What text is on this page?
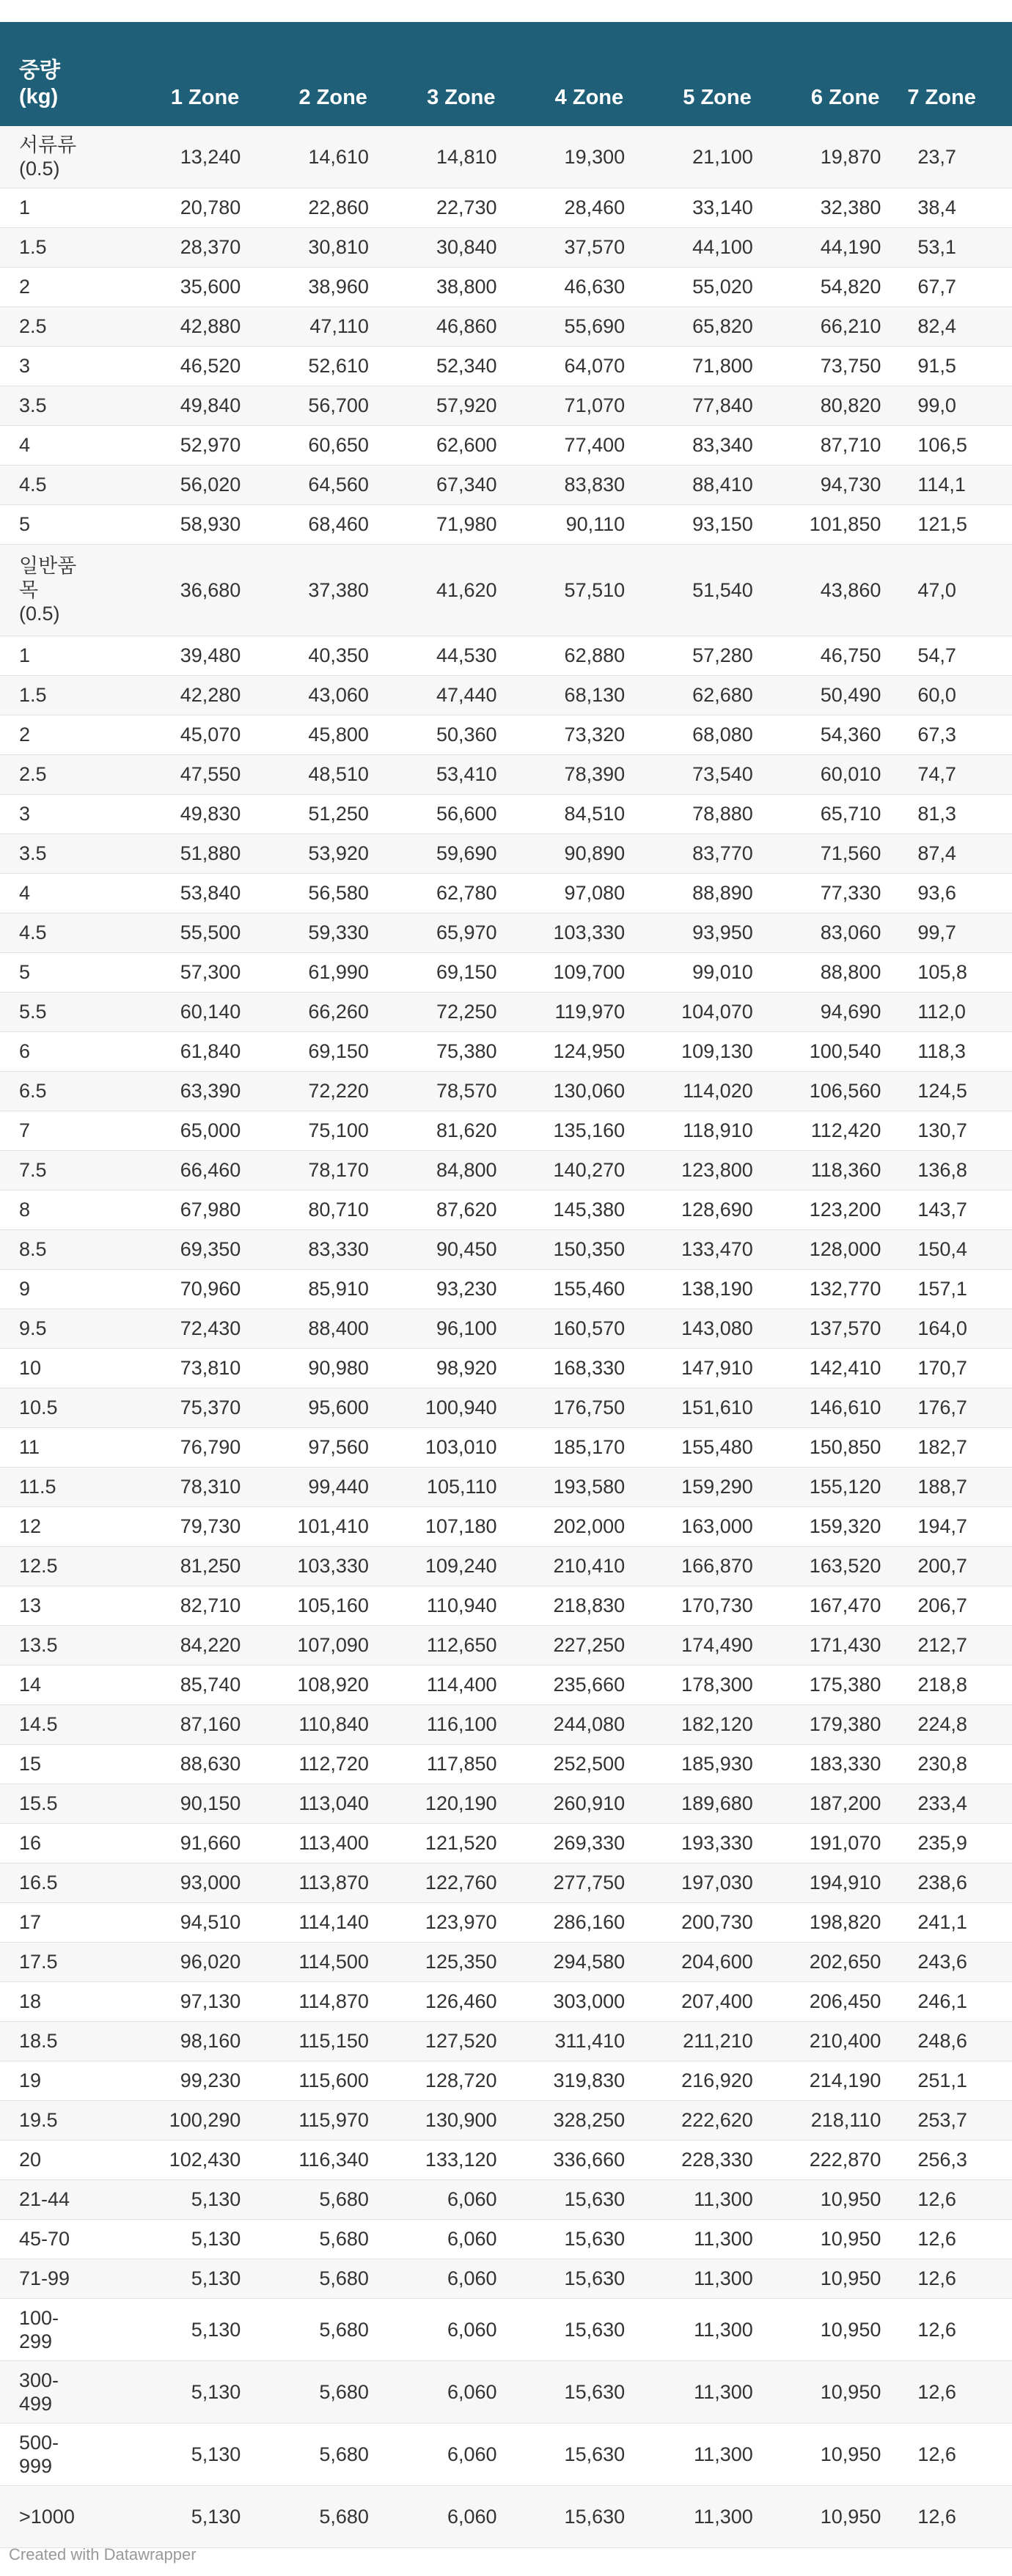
중량
(kg)	1 Zone	2 Zone	3 Zone	4 Zone	5 Zone	6 Zone	7 Zone
서류류
(0.5)	13,240	14,610	14,810	19,300	21,100	19,870	23,7
1	20,780	22,860	22,730	28,460	33,140	32,380	38,4
1.5	28,370	30,810	30,840	37,570	44,100	44,190	53,1
2	35,600	38,960	38,800	46,630	55,020	54,820	67,7
2.5	42,880	47,110	46,860	55,690	65,820	66,210	82,4
3	46,520	52,610	52,340	64,070	71,800	73,750	91,5
3.5	49,840	56,700	57,920	71,070	77,840	80,820	99,0
4	52,970	60,650	62,600	77,400	83,340	87,710	106,5
4.5	56,020	64,560	67,340	83,830	88,410	94,730	114,1
5	58,930	68,460	71,980	90,110	93,150	101,850	121,5
일반품
목
(0.5)	36,680	37,380	41,620	57,510	51,540	43,860	47,0
1	39,480	40,350	44,530	62,880	57,280	46,750	54,7
1.5	42,280	43,060	47,440	68,130	62,680	50,490	60,0
2	45,070	45,800	50,360	73,320	68,080	54,360	67,3
2.5	47,550	48,510	53,410	78,390	73,540	60,010	74,7
3	49,830	51,250	56,600	84,510	78,880	65,710	81,3
3.5	51,880	53,920	59,690	90,890	83,770	71,560	87,4
4	53,840	56,580	62,780	97,080	88,890	77,330	93,6
4.5	55,500	59,330	65,970	103,330	93,950	83,060	99,7
5	57,300	61,990	69,150	109,700	99,010	88,800	105,8
5.5	60,140	66,260	72,250	119,970	104,070	94,690	112,0
6	61,840	69,150	75,380	124,950	109,130	100,540	118,3
6.5	63,390	72,220	78,570	130,060	114,020	106,560	124,5
7	65,000	75,100	81,620	135,160	118,910	112,420	130,7
7.5	66,460	78,170	84,800	140,270	123,800	118,360	136,8
8	67,980	80,710	87,620	145,380	128,690	123,200	143,7
8.5	69,350	83,330	90,450	150,350	133,470	128,000	150,4
9	70,960	85,910	93,230	155,460	138,190	132,770	157,1
9.5	72,430	88,400	96,100	160,570	143,080	137,570	164,0
10	73,810	90,980	98,920	168,330	147,910	142,410	170,7
10.5	75,370	95,600	100,940	176,750	151,610	146,610	176,7
11	76,790	97,560	103,010	185,170	155,480	150,850	182,7
11.5	78,310	99,440	105,110	193,580	159,290	155,120	188,7
12	79,730	101,410	107,180	202,000	163,000	159,320	194,7
12.5	81,250	103,330	109,240	210,410	166,870	163,520	200,7
13	82,710	105,160	110,940	218,830	170,730	167,470	206,7
13.5	84,220	107,090	112,650	227,250	174,490	171,430	212,7
14	85,740	108,920	114,400	235,660	178,300	175,380	218,8
14.5	87,160	110,840	116,100	244,080	182,120	179,380	224,8
15	88,630	112,720	117,850	252,500	185,930	183,330	230,8
15.5	90,150	113,040	120,190	260,910	189,680	187,200	233,4
16	91,660	113,400	121,520	269,330	193,330	191,070	235,9
16.5	93,000	113,870	122,760	277,750	197,030	194,910	238,6
17	94,510	114,140	123,970	286,160	200,730	198,820	241,1
17.5	96,020	114,500	125,350	294,580	204,600	202,650	243,6
18	97,130	114,870	126,460	303,000	207,400	206,450	246,1
18.5	98,160	115,150	127,520	311,410	211,210	210,400	248,6
19	99,230	115,600	128,720	319,830	216,920	214,190	251,1
19.5	100,290	115,970	130,900	328,250	222,620	218,110	253,7
20	102,430	116,340	133,120	336,660	228,330	222,870	256,3
21-44	5,130	5,680	6,060	15,630	11,300	10,950	12,6
45-70	5,130	5,680	6,060	15,630	11,300	10,950	12,6
71-99	5,130	5,680	6,060	15,630	11,300	10,950	12,6
100-
299	5,130	5,680	6,060	15,630	11,300	10,950	12,6
300-
499	5,130	5,680	6,060	15,630	11,300	10,950	12,6
500-
999	5,130	5,680	6,060	15,630	11,300	10,950	12,6
>1000	5,130	5,680	6,060	15,630	11,300	10,950	12,6
Created with Datawrapper
